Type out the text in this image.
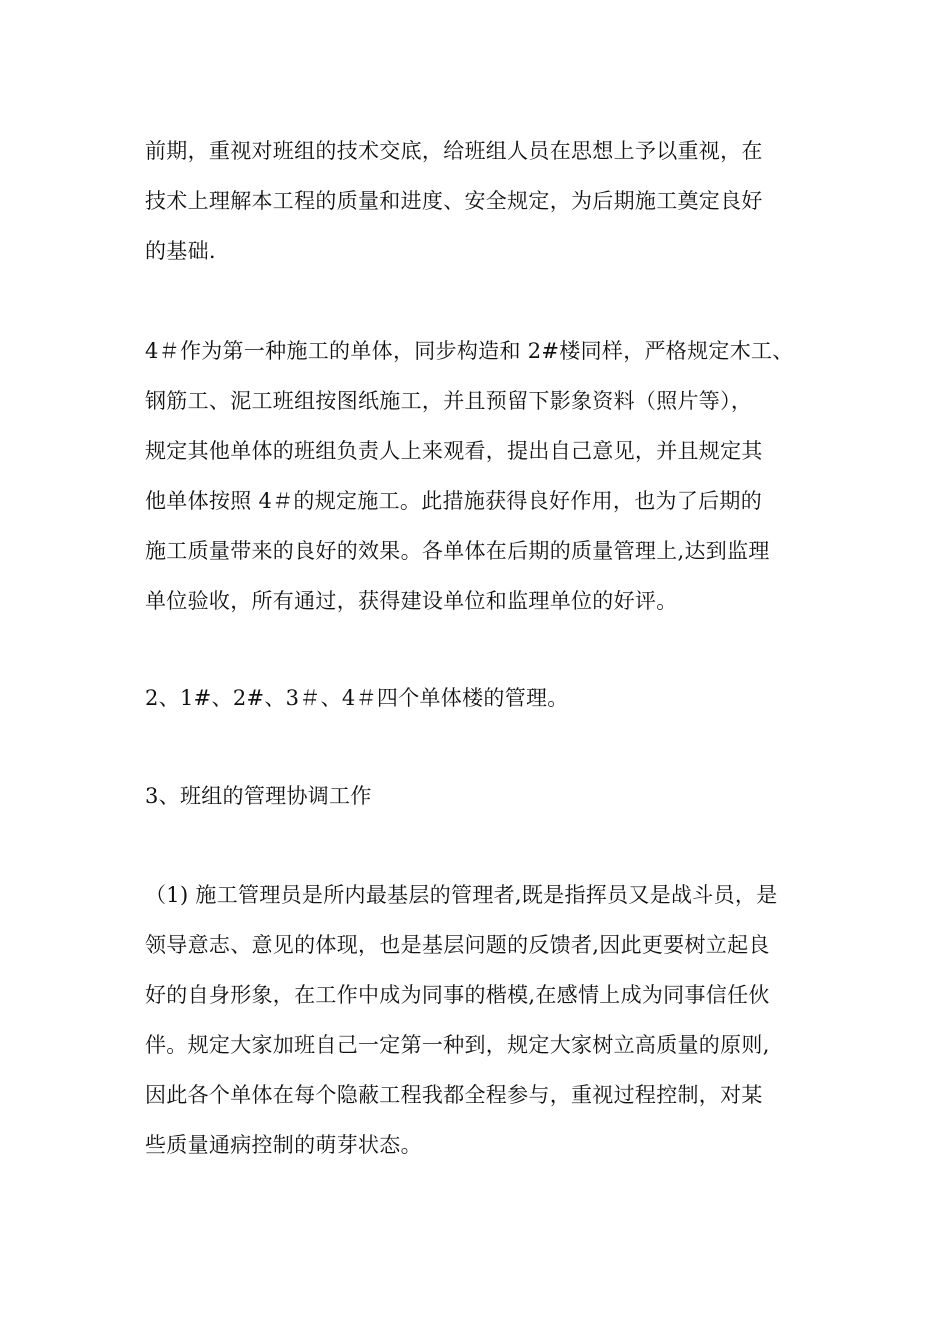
前期，重视对班组的技术交底，给班组人员在思想上予以重视，在
技术上理解本工程的质量和进度、安全规定，为后期施工奠定良好
的基础.
4＃作为第一种施工的单体，同步构造和 2#楼同样，严格规定木工、
钢筋工、泥工班组按图纸施工，并且预留下影象资料（照片等），
规定其他单体的班组负责人上来观看，提出自己意见，并且规定其
他单体按照 4＃的规定施工。此措施获得良好作用，也为了后期的
施工质量带来的良好的效果。各单体在后期的质量管理上,达到监理
单位验收，所有通过，获得建设单位和监理单位的好评。
2、1#、2#、3＃、4＃四个单体楼的管理。
3、班组的管理协调工作
（1) 施工管理员是所内最基层的管理者,既是指挥员又是战斗员，是
领导意志、意见的体现，也是基层问题的反馈者,因此更要树立起良
好的自身形象，在工作中成为同事的楷模,在感情上成为同事信任伙
伴。规定大家加班自己一定第一种到，规定大家树立高质量的原则,
因此各个单体在每个隐蔽工程我都全程参与，重视过程控制，对某
些质量通病控制的萌芽状态。
